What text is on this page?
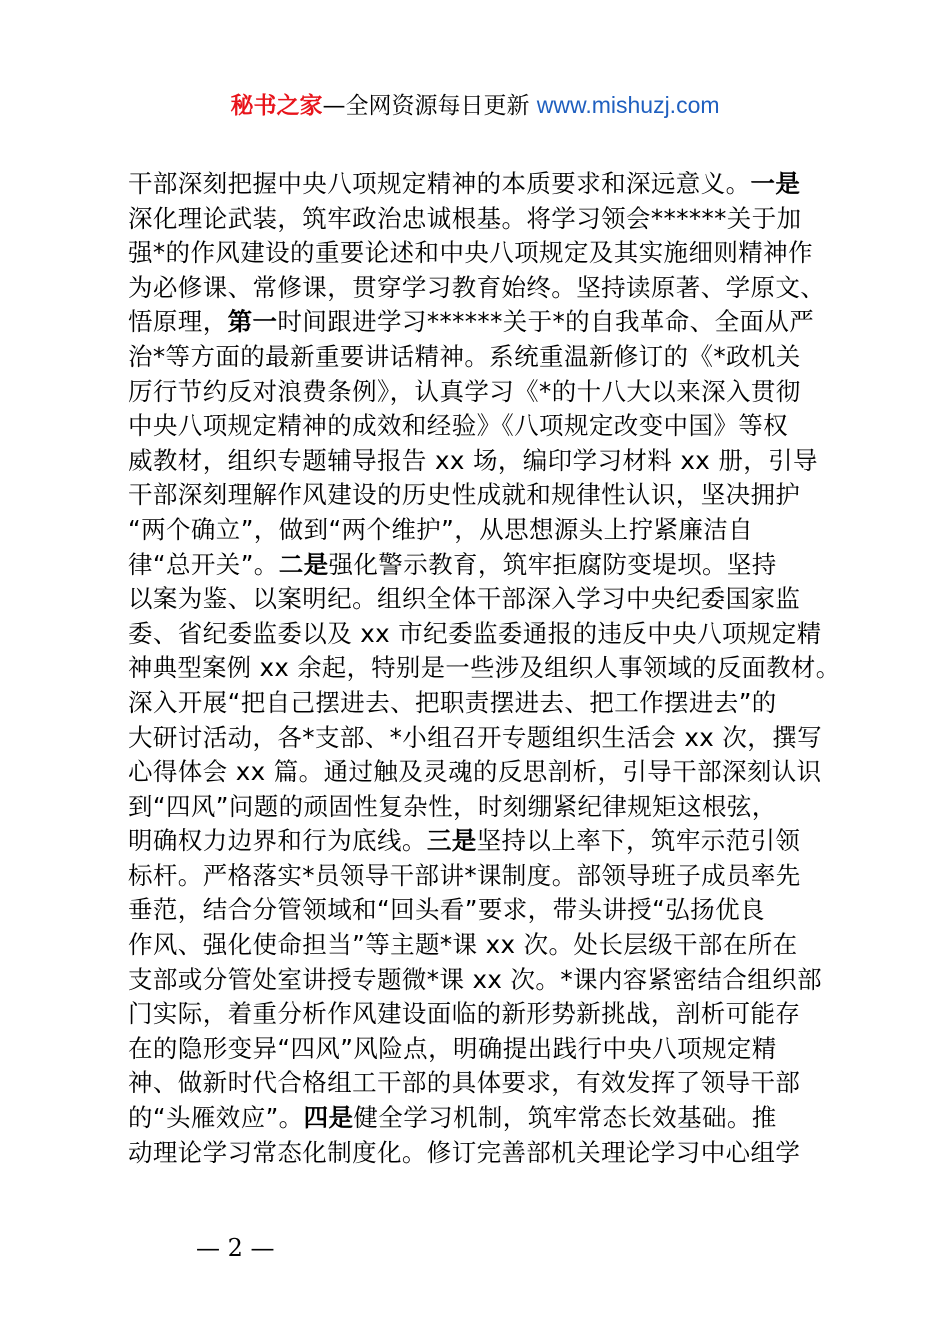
秘书之家—全网资源每日更新 www.mishuzj.com
干部深刻把握中央八项规定精神的本质要求和深远意义。一是
深化理论武装，筑牢政治忠诚根基。将学习领会******关于加
强*的作风建设的重要论述和中央八项规定及其实施细则精神作
为必修课、常修课，贯穿学习教育始终。坚持读原著、学原文、
悟原理，第一时间跟进学习******关于*的自我革命、全面从严
治*等方面的最新重要讲话精神。系统重温新修订的《*政机关
厉行节约反对浪费条例》，认真学习《*的十八大以来深入贯彻
中央八项规定精神的成效和经验》《八项规定改变中国》等权
威教材，组织专题辅导报告 xx 场，编印学习材料 xx 册，引导
干部深刻理解作风建设的历史性成就和规律性认识，坚决拥护
“两个确立”，做到“两个维护”，从思想源头上拧紧廉洁自
律“总开关”。二是强化警示教育，筑牢拒腐防变堤坝。坚持
以案为鉴、以案明纪。组织全体干部深入学习中央纪委国家监
委、省纪委监委以及 xx 市纪委监委通报的违反中央八项规定精
神典型案例 xx 余起，特别是一些涉及组织人事领域的反面教材。
深入开展“把自己摆进去、把职责摆进去、把工作摆进去”的
大研讨活动，各*支部、*小组召开专题组织生活会 xx 次，撰写
心得体会 xx 篇。通过触及灵魂的反思剖析，引导干部深刻认识
到“四风”问题的顽固性复杂性，时刻绷紧纪律规矩这根弦，
明确权力边界和行为底线。三是坚持以上率下，筑牢示范引领
标杆。严格落实*员领导干部讲*课制度。部领导班子成员率先
垂范，结合分管领域和“回头看”要求，带头讲授“弘扬优良
作风、强化使命担当”等主题*课 xx 次。处长层级干部在所在
支部或分管处室讲授专题微*课 xx 次。*课内容紧密结合组织部
门实际，着重分析作风建设面临的新形势新挑战，剖析可能存
在的隐形变异“四风”风险点，明确提出践行中央八项规定精
神、做新时代合格组工干部的具体要求，有效发挥了领导干部
的“头雁效应”。四是健全学习机制，筑牢常态长效基础。推
动理论学习常态化制度化。修订完善部机关理论学习中心组学
— 2 —
